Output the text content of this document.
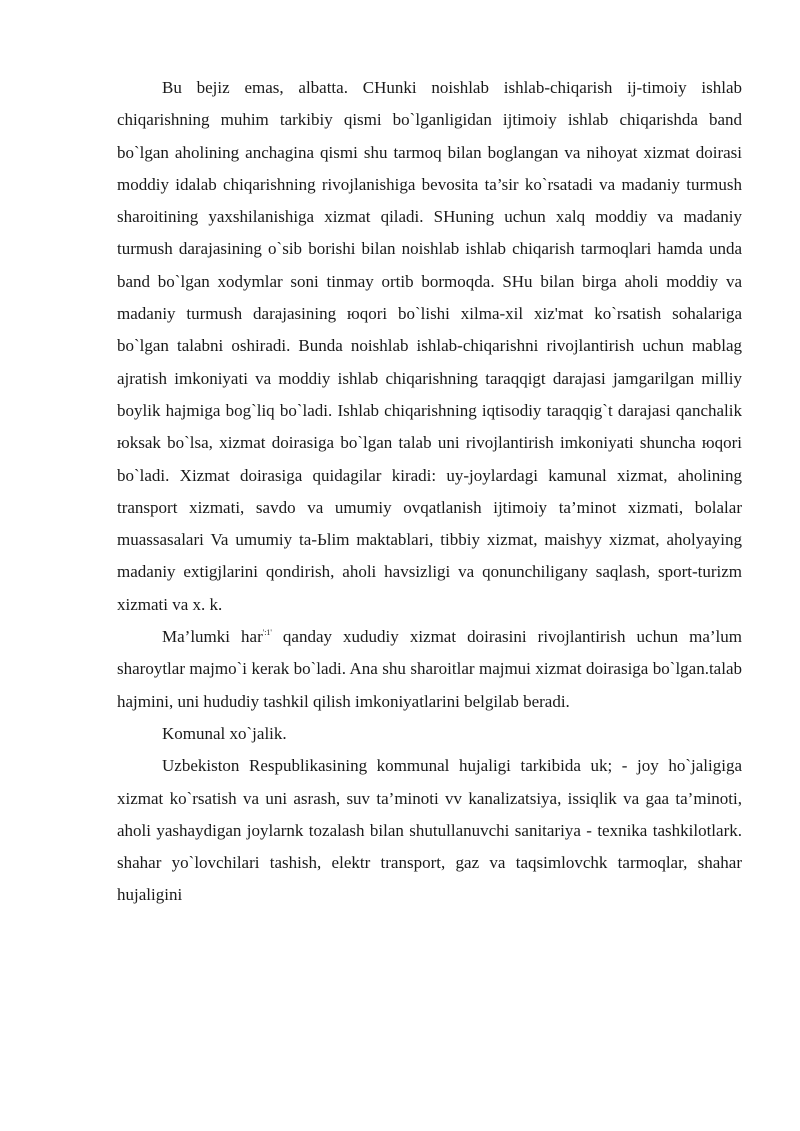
Bu bejiz emas, albatta. CHunki noishlab ishlab-chiqarish ij-timoiy ishlab chiqarishning muhim tarkibiy qismi bo`lganligidan ijtimoiy ishlab chiqarishda band bo`lgan aholining anchagina qismi shu tarmoq bilan boglangan va nihoyat xizmat doirasi moddiy idalab chiqarishning rivojlanishiga bevosita ta’sir ko`rsatadi va madaniy turmush sharoitining yaxshilanishiga xizmat qiladi. SHuning uchun xalq moddiy va madaniy turmush darajasining o`sib borishi bilan noishlab ishlab chiqarish tarmoqlari hamda unda band bo`lgan xodymlar soni tinmay ortib bormoqda. SHu bilan birga aholi moddiy va madaniy turmush darajasining юqori bo`lishi xilma-xil xiz'mat ko`rsatish sohalariga bo`lgan talabni oshiradi. Bunda noishlab ishlab-chiqarishni rivojlantirish uchun mablag ajratish imkoniyati va moddiy ishlab chiqarishning taraqqigt darajasi jamgarilgan milliy boylik hajmiga bog`liq bo`ladi. Ishlab chiqarishning iqtisodiy taraqqig`t darajasi qanchalik юksak bo`lsa, xizmat doirasiga bo`lgan talab uni rivojlantirish imkoniyati shuncha юqori bo`ladi. Xizmat doirasiga quidagilar kiradi: uy-joylardagi kamunal xizmat, aholining transport xizmati, savdo va umumiy ovqatlanish ijtimoiy ta’minot xizmati, bolalar muassasalari Va umumiy ta-Ьlim maktablari, tibbiy xizmat, maishyy xizmat, aholyaying madaniy extigjlarini qondirish, aholi havsizligi va qonunchiligany saqlash, sport-turizm xizmati va x. k.

Ma’lumki har$^{':1'}$ qanday xududiy xizmat doirasini rivojlantirish uchun ma’lum sharoytlar majmo`i kerak bo`ladi. Ana shu sharoitlar majmui xizmat doirasiga bo`lgan.talab hajmini, uni hududiy tashkil qilish imkoniyatlarini belgilab beradi.

Komunal xo`jalik.

Uzbekiston Respublikasining kommunal hujaligi tarkibida uk; - joy ho`jaligiga xizmat ko`rsatish va uni asrash, suv ta’minoti vv kanalizatsiya, issiqlik va gaa ta’minoti, aholi yashaydigan joylarnk tozalash bilan shutullanuvchi sanitariya - texnika tashkilotlark. shahar yo`lovchilari tashish, elektr transport, gaz va taqsimlovchk tarmoqlar, shahar hujaligini
